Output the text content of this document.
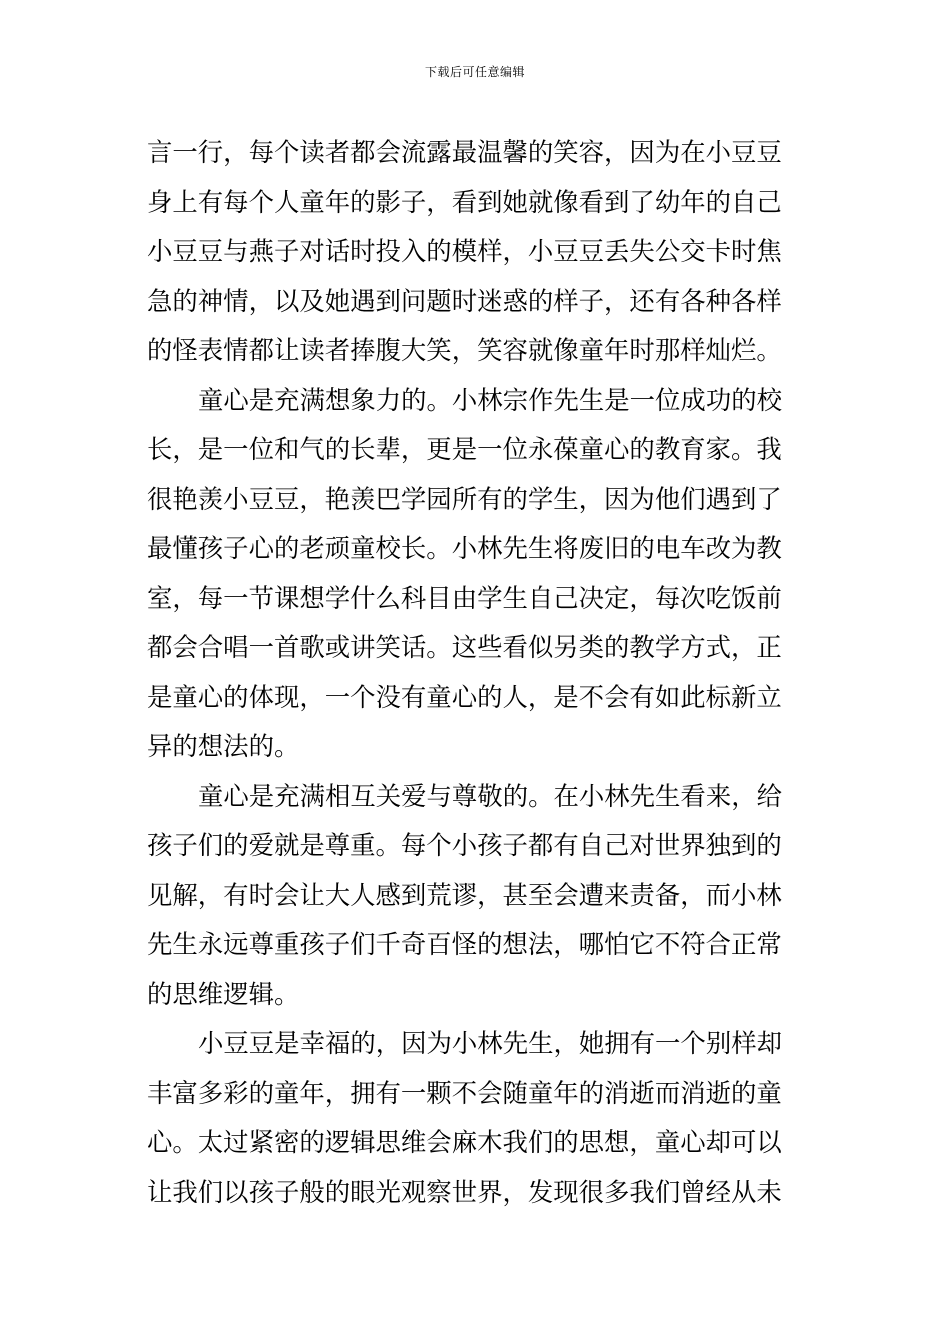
下载后可任意编辑

言一行，每个读者都会流露最温馨的笑容，因为在小豆豆
身上有每个人童年的影子，看到她就像看到了幼年的自己
小豆豆与燕子对话时投入的模样，小豆豆丢失公交卡时焦
急的神情，以及她遇到问题时迷惑的样子，还有各种各样
的怪表情都让读者捧腹大笑，笑容就像童年时那样灿烂。

童心是充满想象力的。小林宗作先生是一位成功的校
长，是一位和气的长辈，更是一位永葆童心的教育家。我
很艳羡小豆豆，艳羡巴学园所有的学生，因为他们遇到了
最懂孩子心的老顽童校长。小林先生将废旧的电车改为教
室，每一节课想学什么科目由学生自己决定，每次吃饭前
都会合唱一首歌或讲笑话。这些看似另类的教学方式，正
是童心的体现，一个没有童心的人，是不会有如此标新立
异的想法的。

童心是充满相互关爱与尊敬的。在小林先生看来，给
孩子们的爱就是尊重。每个小孩子都有自己对世界独到的
见解，有时会让大人感到荒谬，甚至会遭来责备，而小林
先生永远尊重孩子们千奇百怪的想法，哪怕它不符合正常
的思维逻辑。

小豆豆是幸福的，因为小林先生，她拥有一个别样却
丰富多彩的童年，拥有一颗不会随童年的消逝而消逝的童
心。太过紧密的逻辑思维会麻木我们的思想，童心却可以
让我们以孩子般的眼光观察世界，发现很多我们曾经从未
